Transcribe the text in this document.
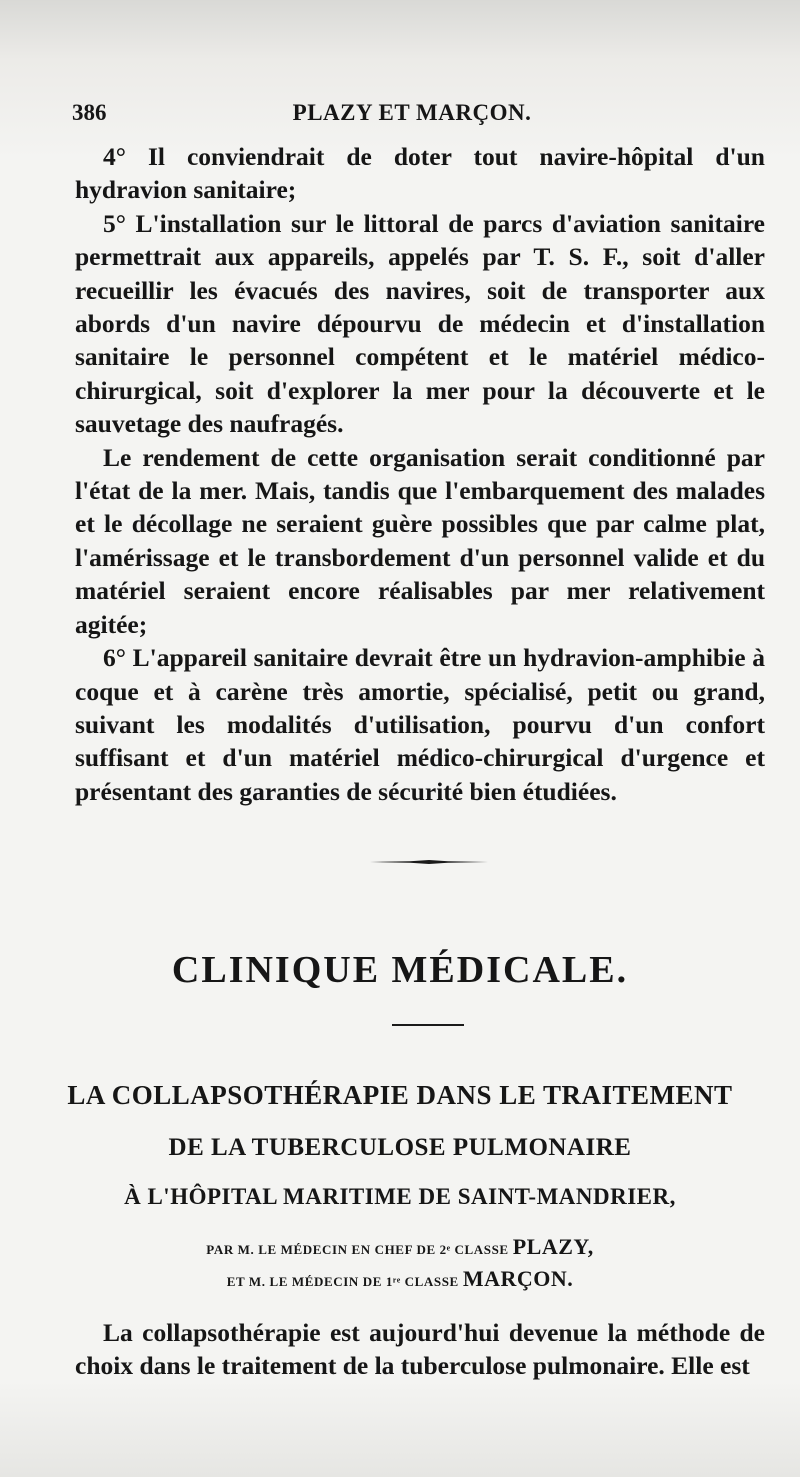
386	PLAZY ET MARÇON.

4° Il conviendrait de doter tout navire-hôpital d'un hydravion sanitaire;

5° L'installation sur le littoral de parcs d'aviation sanitaire permettrait aux appareils, appelés par T. S. F., soit d'aller recueillir les évacués des navires, soit de transporter aux abords d'un navire dépourvu de médecin et d'installation sanitaire le personnel compétent et le matériel médico-chirurgical, soit d'explorer la mer pour la découverte et le sauvetage des naufragés.

Le rendement de cette organisation serait conditionné par l'état de la mer. Mais, tandis que l'embarquement des malades et le décollage ne seraient guère possibles que par calme plat, l'amérissage et le transbordement d'un personnel valide et du matériel seraient encore réalisables par mer relativement agitée;

6° L'appareil sanitaire devrait être un hydravion-amphibie à coque et à carène très amortie, spécialisé, petit ou grand, suivant les modalités d'utilisation, pourvu d'un confort suffisant et d'un matériel médico-chirurgical d'urgence et présentant des garanties de sécurité bien étudiées.

CLINIQUE MÉDICALE.
LA COLLAPSOTHÉRAPIE DANS LE TRAITEMENT
DE LA TUBERCULOSE PULMONAIRE
À L'HÔPITAL MARITIME DE SAINT-MANDRIER,
PAR M. LE MÉDECIN EN CHEF DE 2ᵉ CLASSE PLAZY,
ET M. LE MÉDECIN DE 1ʳᵉ CLASSE MARÇON.

La collapsothérapie est aujourd'hui devenue la méthode de choix dans le traitement de la tuberculose pulmonaire. Elle est
